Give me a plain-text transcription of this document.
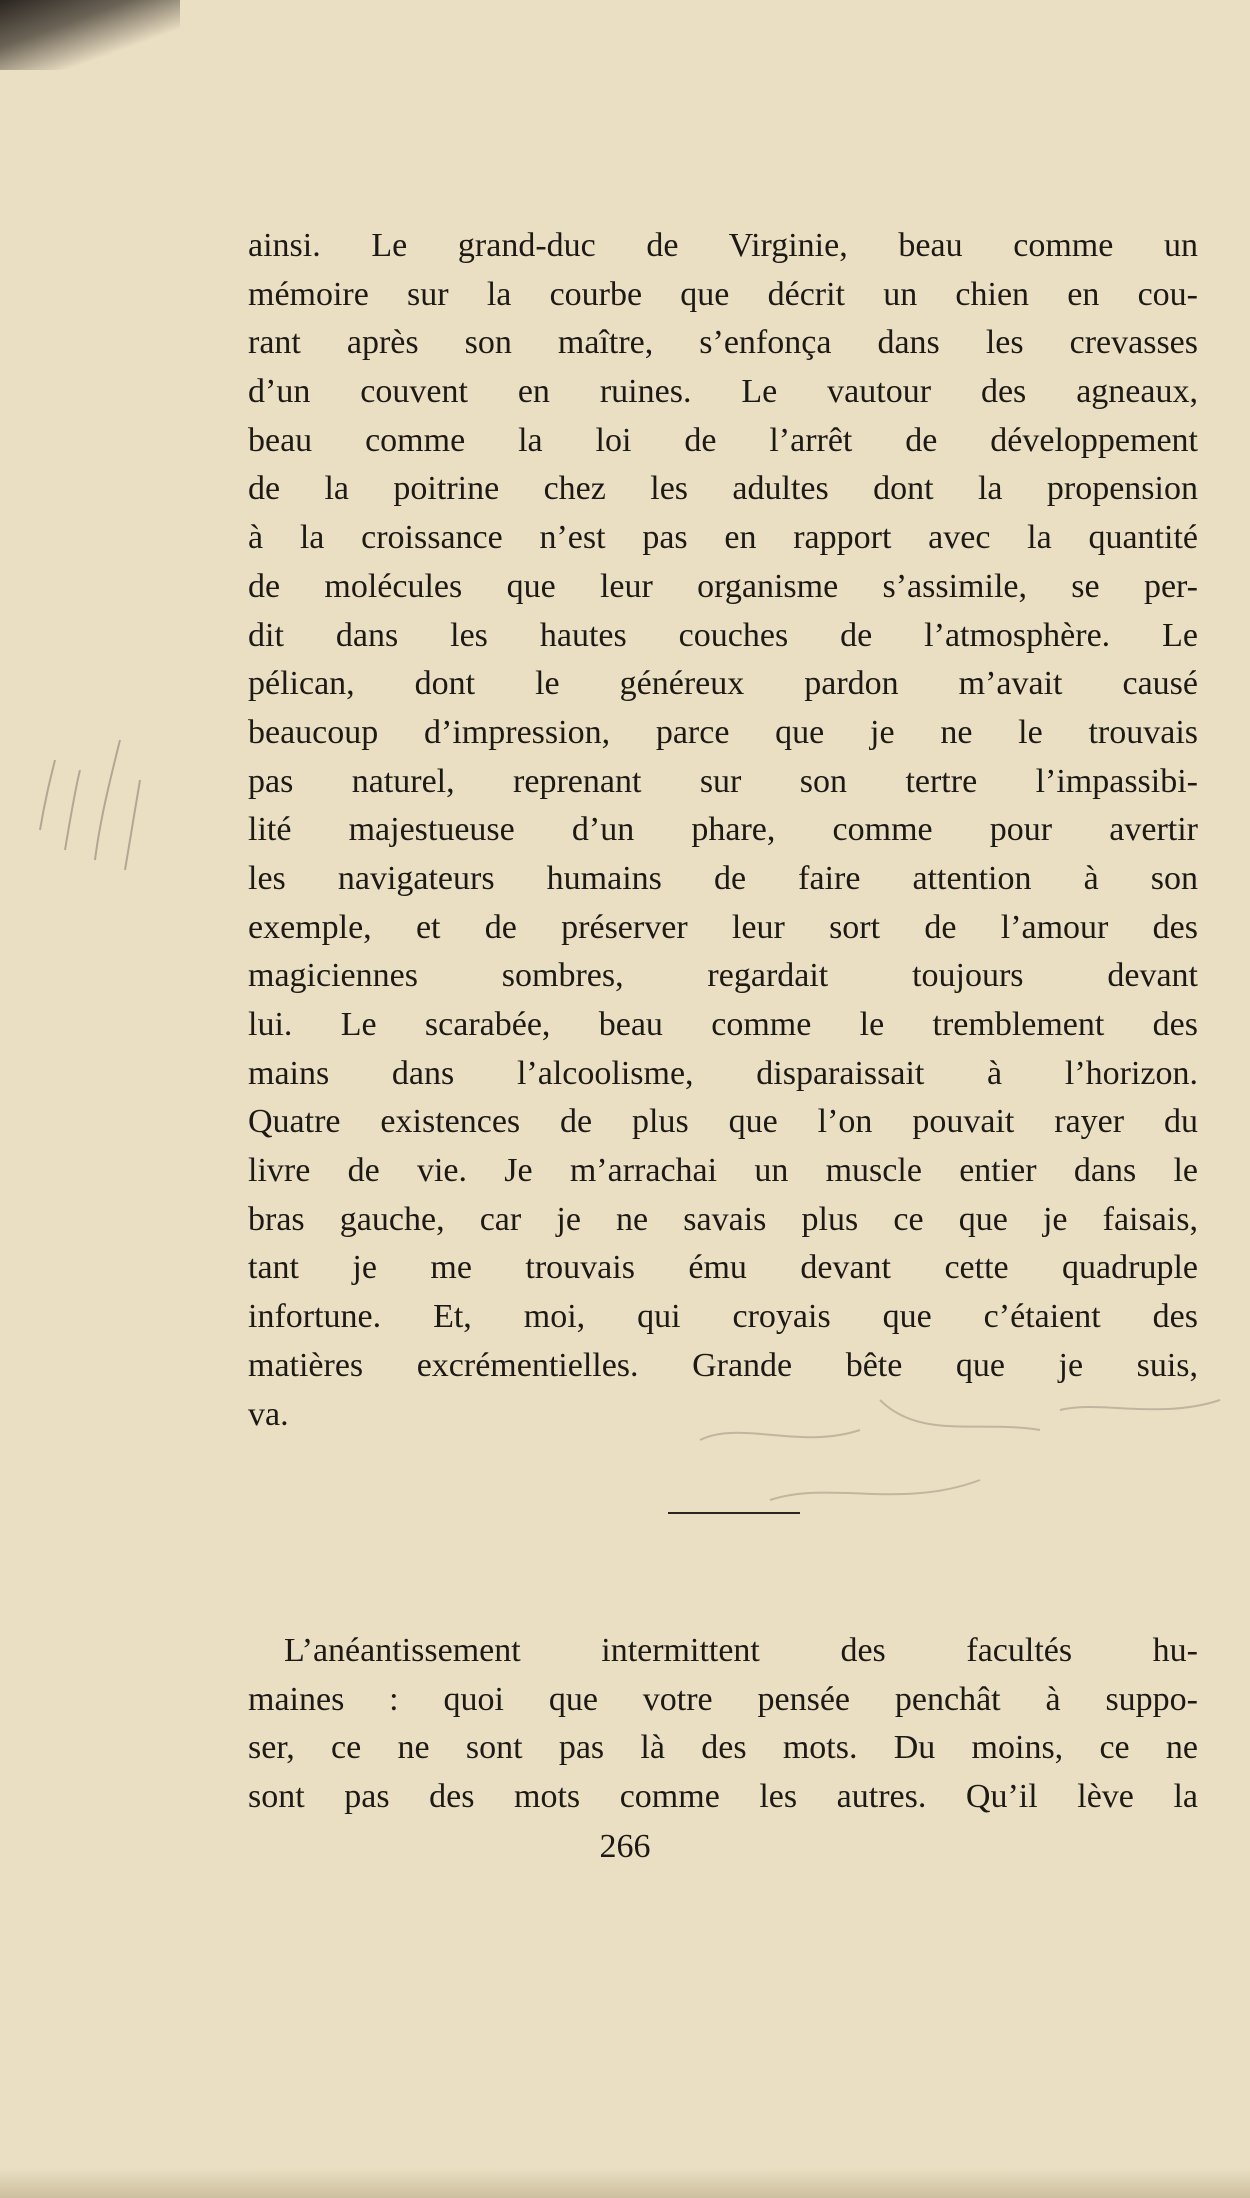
ainsi. Le grand-duc de Virginie, beau comme un
mémoire sur la courbe que décrit un chien en cou-
rant après son maître, s’enfonça dans les crevasses
d’un couvent en ruines. Le vautour des agneaux,
beau comme la loi de l’arrêt de développement
de la poitrine chez les adultes dont la propension
à la croissance n’est pas en rapport avec la quantité
de molécules que leur organisme s’assimile, se per-
dit dans les hautes couches de l’atmosphère. Le
pélican, dont le généreux pardon m’avait causé
beaucoup d’impression, parce que je ne le trouvais
pas naturel, reprenant sur son tertre l’impassibi-
lité majestueuse d’un phare, comme pour avertir
les navigateurs humains de faire attention à son
exemple, et de préserver leur sort de l’amour des
magiciennes sombres, regardait toujours devant
lui. Le scarabée, beau comme le tremblement des
mains dans l’alcoolisme, disparaissait à l’horizon.
Quatre existences de plus que l’on pouvait rayer du
livre de vie. Je m’arrachai un muscle entier dans le
bras gauche, car je ne savais plus ce que je faisais,
tant je me trouvais ému devant cette quadruple
infortune. Et, moi, qui croyais que c’étaient des
matières excrémentielles. Grande bête que je suis,
va.
L’anéantissement intermittent des facultés hu-
maines : quoi que votre pensée penchât à suppo-
ser, ce ne sont pas là des mots. Du moins, ce ne
sont pas des mots comme les autres. Qu’il lève la
266
